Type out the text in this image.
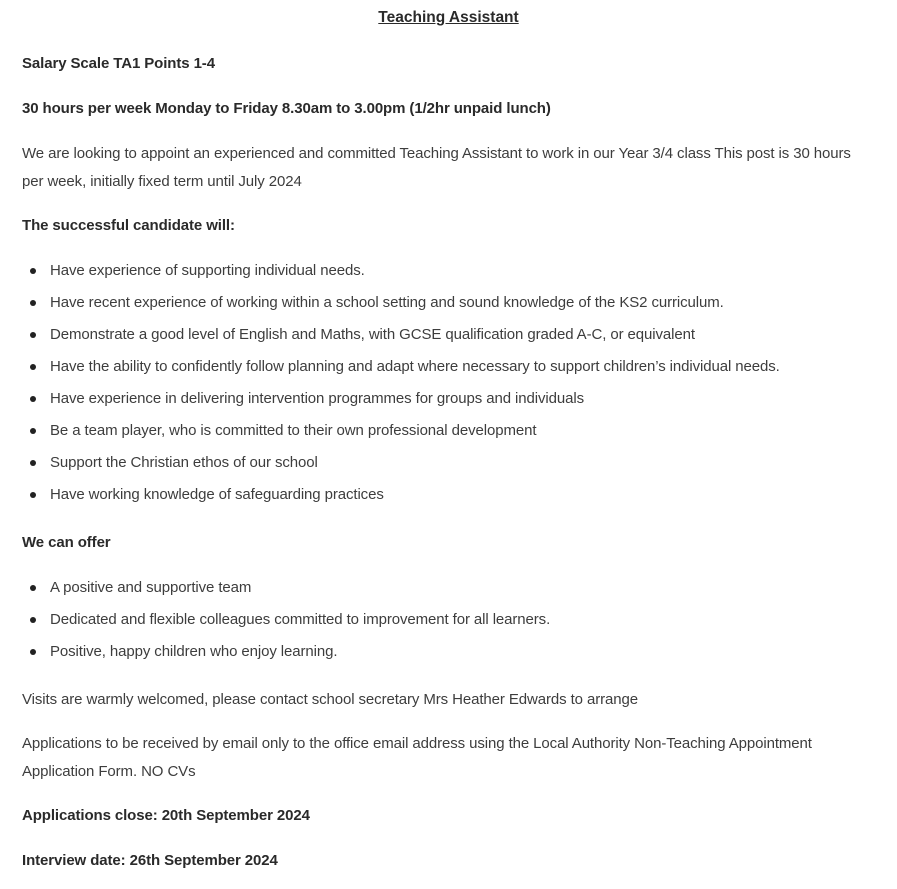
Teaching Assistant

Salary Scale TA1 Points 1-4

30 hours per week Monday to Friday 8.30am to 3.00pm (1/2hr unpaid lunch)

We are looking to appoint an experienced and committed Teaching Assistant to work in our Year 3/4 class This post is 30 hours per week, initially fixed term until July 2024

The successful candidate will:

Have experience of supporting individual needs.
Have recent experience of working within a school setting and sound knowledge of the KS2 curriculum.
Demonstrate a good level of English and Maths, with GCSE qualification graded A-C, or equivalent
Have the ability to confidently follow planning and adapt where necessary to support children’s individual needs.
Have experience in delivering intervention programmes for groups and individuals
Be a team player, who is committed to their own professional development
Support the Christian ethos of our school
Have working knowledge of safeguarding practices

We can offer

A positive and supportive team
Dedicated and flexible colleagues committed to improvement for all learners.
Positive, happy children who enjoy learning.

Visits are warmly welcomed, please contact school secretary Mrs Heather Edwards to arrange

Applications to be received by email only to the office email address using the Local Authority Non-Teaching Appointment Application Form. NO CVs

Applications close: 20th September 2024

Interview date: 26th September 2024
